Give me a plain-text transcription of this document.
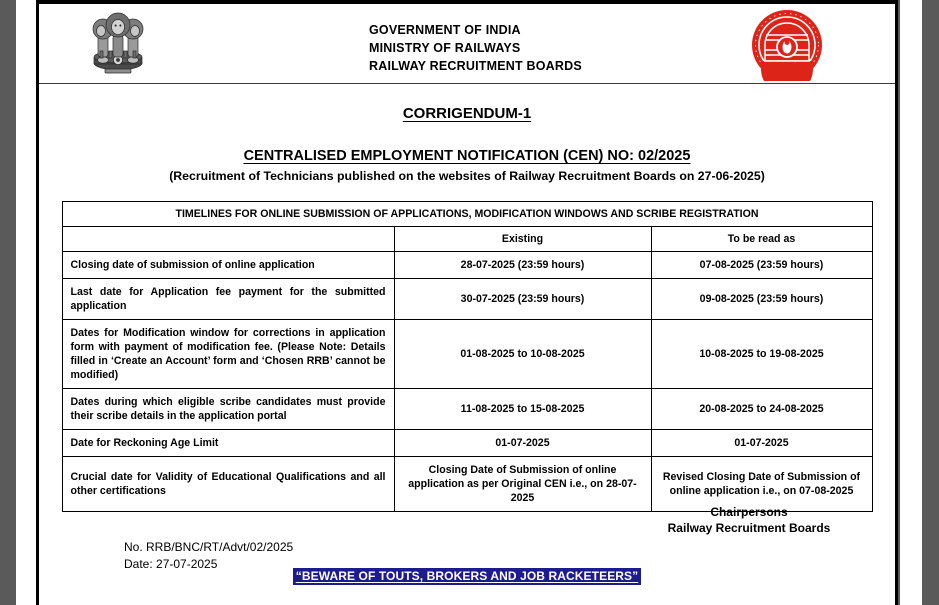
GOVERNMENT OF INDIA
MINISTRY OF RAILWAYS
RAILWAY RECRUITMENT BOARDS
CORRIGENDUM-1
CENTRALISED EMPLOYMENT NOTIFICATION (CEN) NO: 02/2025
(Recruitment of Technicians published on the websites of Railway Recruitment Boards on 27-06-2025)
TIMELINES FOR ONLINE SUBMISSION OF APPLICATIONS, MODIFICATION WINDOWS AND SCRIBE REGISTRATION		
	Existing	To be read as
Closing date of submission of online application	28-07-2025 (23:59 hours)	07-08-2025 (23:59 hours)
Last date for Application fee payment for the submitted application	30-07-2025 (23:59 hours)	09-08-2025 (23:59 hours)
Dates for Modification window for corrections in application form with payment of modification fee. (Please Note: Details filled in ‘Create an Account’ form and ‘Chosen RRB’ cannot be modified)	01-08-2025 to 10-08-2025	10-08-2025 to 19-08-2025
Dates during which eligible scribe candidates must provide their scribe details in the application portal	11-08-2025 to 15-08-2025	20-08-2025 to 24-08-2025
Date for Reckoning Age Limit	01-07-2025	01-07-2025
Crucial date for Validity of Educational Qualifications and all other certifications	Closing Date of Submission of online application as per Original CEN i.e., on 28-07-2025	Revised Closing Date of Submission of online application i.e., on 07-08-2025
Chairpersons
Railway Recruitment Boards
No. RRB/BNC/RT/Advt/02/2025
Date: 27-07-2025
“BEWARE OF TOUTS, BROKERS AND JOB RACKETEERS”
